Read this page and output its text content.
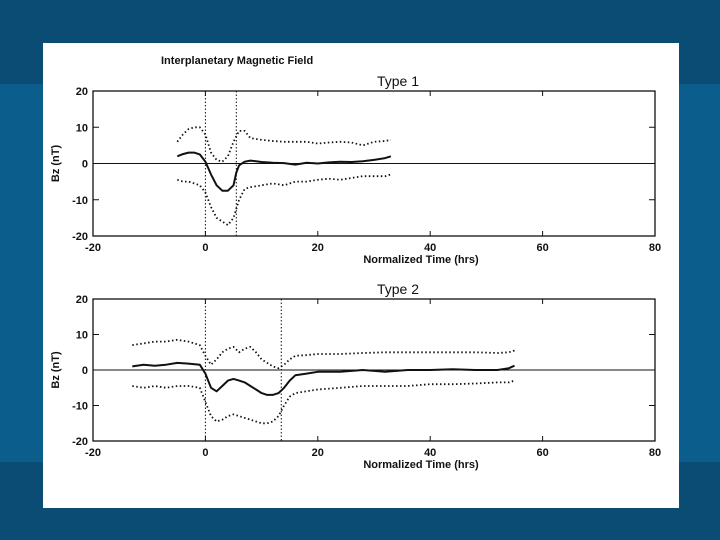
Interplanetary Magnetic Field
Type 1
20
10
0
-10
-20
-20	0	20	40	60	80
Normalized Time (hrs)
Bz (nT)
Type 2
20
10
0
-10
-20
-20	0	20	40	60	80
Normalized Time (hrs)
Bz (nT)
